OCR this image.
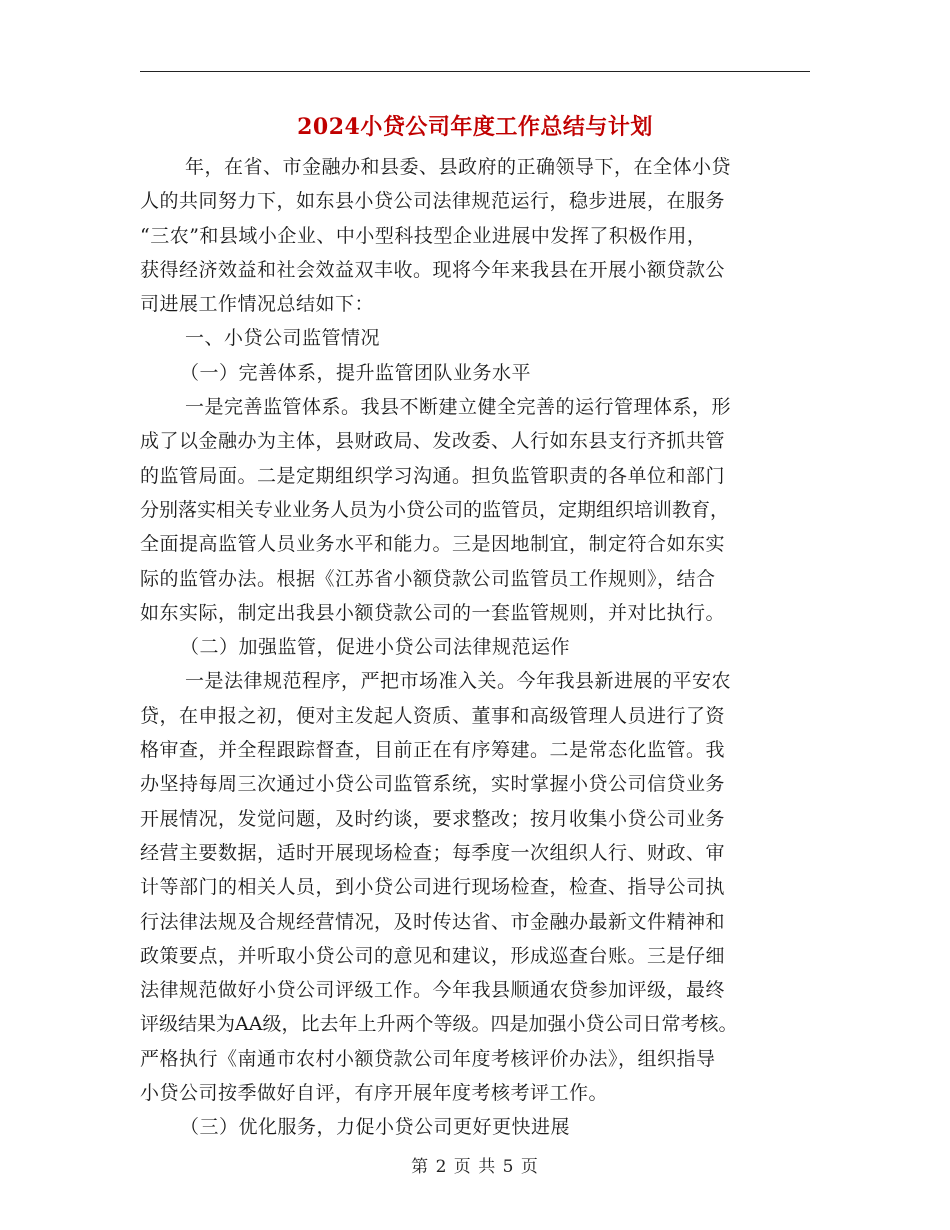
2024小贷公司年度工作总结与计划
年，在省、市金融办和县委、县政府的正确领导下，在全体小贷
人的共同努力下，如东县小贷公司法律规范运行，稳步进展，在服务
“三农”和县域小企业、中小型科技型企业进展中发挥了积极作用，
获得经济效益和社会效益双丰收。现将今年来我县在开展小额贷款公
司进展工作情况总结如下：
一、小贷公司监管情况
（一）完善体系，提升监管团队业务水平
一是完善监管体系。我县不断建立健全完善的运行管理体系，形
成了以金融办为主体，县财政局、发改委、人行如东县支行齐抓共管
的监管局面。二是定期组织学习沟通。担负监管职责的各单位和部门
分别落实相关专业业务人员为小贷公司的监管员，定期组织培训教育，
全面提高监管人员业务水平和能力。三是因地制宜，制定符合如东实
际的监管办法。根据《江苏省小额贷款公司监管员工作规则》，结合
如东实际，制定出我县小额贷款公司的一套监管规则，并对比执行。
（二）加强监管，促进小贷公司法律规范运作
一是法律规范程序，严把市场准入关。今年我县新进展的平安农
贷，在申报之初，便对主发起人资质、董事和高级管理人员进行了资
格审查，并全程跟踪督查，目前正在有序筹建。二是常态化监管。我
办坚持每周三次通过小贷公司监管系统，实时掌握小贷公司信贷业务
开展情况，发觉问题，及时约谈，要求整改；按月收集小贷公司业务
经营主要数据，适时开展现场检查；每季度一次组织人行、财政、审
计等部门的相关人员，到小贷公司进行现场检查，检查、指导公司执
行法律法规及合规经营情况，及时传达省、市金融办最新文件精神和
政策要点，并听取小贷公司的意见和建议，形成巡查台账。三是仔细
法律规范做好小贷公司评级工作。今年我县顺通农贷参加评级，最终
评级结果为AA级，比去年上升两个等级。四是加强小贷公司日常考核。
严格执行《南通市农村小额贷款公司年度考核评价办法》，组织指导
小贷公司按季做好自评，有序开展年度考核考评工作。
（三）优化服务，力促小贷公司更好更快进展
第 2 页 共 5 页
